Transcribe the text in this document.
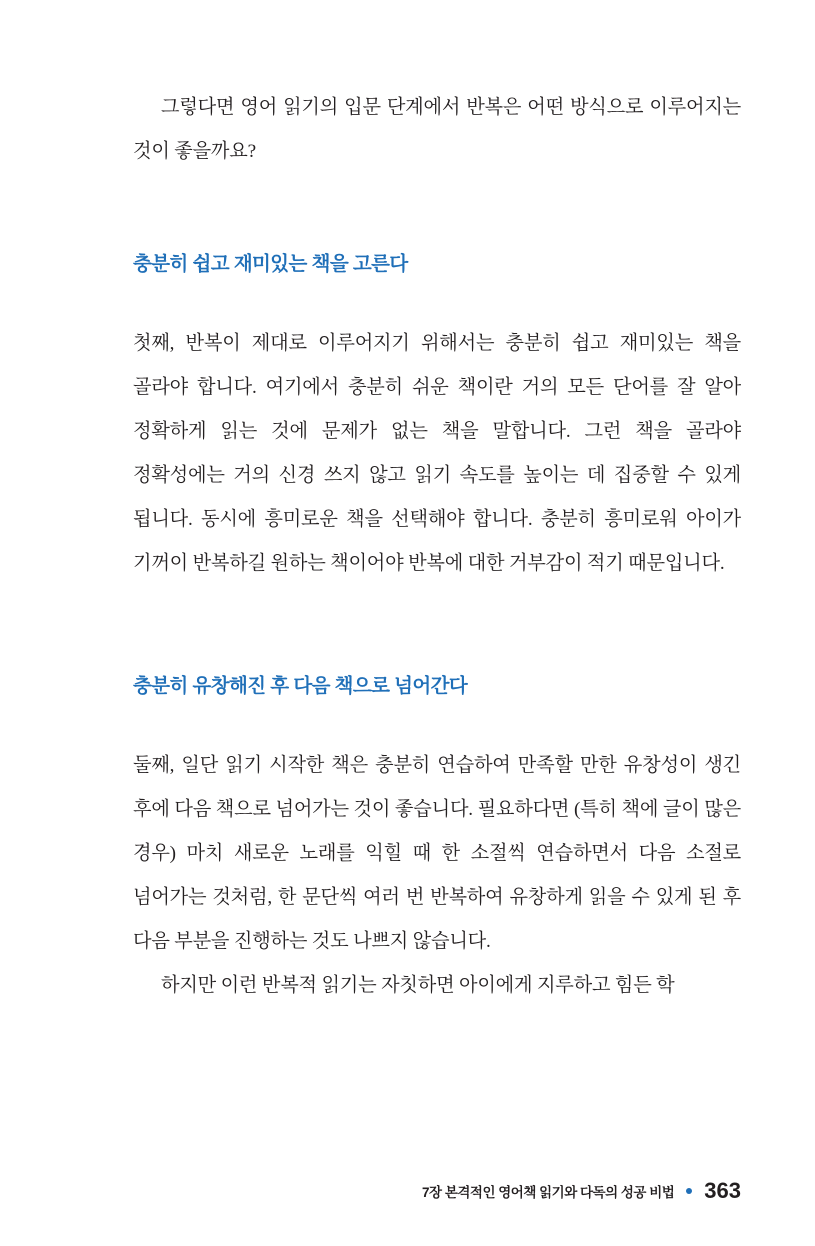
그렇다면 영어 읽기의 입문 단계에서 반복은 어떤 방식으로 이루어지는 것이 좋을까요?

충분히 쉽고 재미있는 책을 고른다

첫째, 반복이 제대로 이루어지기 위해서는 충분히 쉽고 재미있는 책을 골라야 합니다. 여기에서 충분히 쉬운 책이란 거의 모든 단어를 잘 알아 정확하게 읽는 것에 문제가 없는 책을 말합니다. 그런 책을 골라야 정확성에는 거의 신경 쓰지 않고 읽기 속도를 높이는 데 집중할 수 있게 됩니다. 동시에 흥미로운 책을 선택해야 합니다. 충분히 흥미로워 아이가 기꺼이 반복하길 원하는 책이어야 반복에 대한 거부감이 적기 때문입니다.

충분히 유창해진 후 다음 책으로 넘어간다

둘째, 일단 읽기 시작한 책은 충분히 연습하여 만족할 만한 유창성이 생긴 후에 다음 책으로 넘어가는 것이 좋습니다. 필요하다면 (특히 책에 글이 많은 경우) 마치 새로운 노래를 익힐 때 한 소절씩 연습하면서 다음 소절로 넘어가는 것처럼, 한 문단씩 여러 번 반복하여 유창하게 읽을 수 있게 된 후 다음 부분을 진행하는 것도 나쁘지 않습니다.

하지만 이런 반복적 읽기는 자칫하면 아이에게 지루하고 힘든 학

7장 본격적인 영어책 읽기와 다독의 성공 비법 363
